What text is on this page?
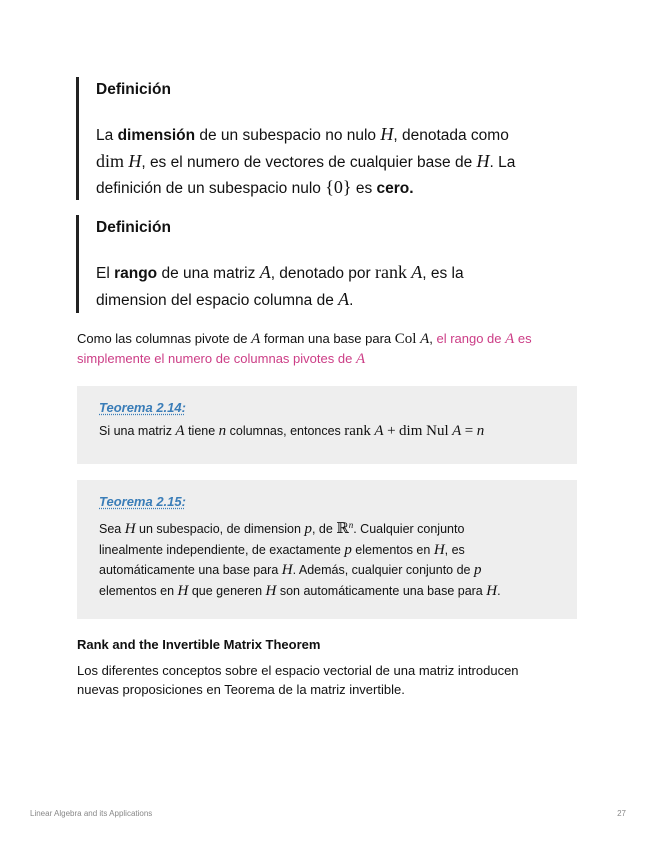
Definición
La dimensión de un subespacio no nulo H, denotada como
dim H, es el numero de vectores de cualquier base de H. La
definición de un subespacio nulo {0} es cero.
Definición
El rango de una matriz A, denotado por rank A, es la
dimension del espacio columna de A.
Como las columnas pivote de A forman una base para Col A, el rango de A es
simplemente el numero de columnas pivotes de A
Teorema 2.14:
Si una matriz A tiene n columnas, entonces rank A + dim Nul A = n
Teorema 2.15:
Sea H un subespacio, de dimension p, de ℝ$^n$. Cualquier conjunto
linealmente independiente, de exactamente p elementos en H, es
automáticamente una base para H. Además, cualquier conjunto de p
elementos en H que generen H son automáticamente una base para H.
Rank and the Invertible Matrix Theorem
Los diferentes conceptos sobre el espacio vectorial de una matriz introducen
nuevas proposiciones en Teorema de la matriz invertible.
Linear Algebra and its Applications	27
